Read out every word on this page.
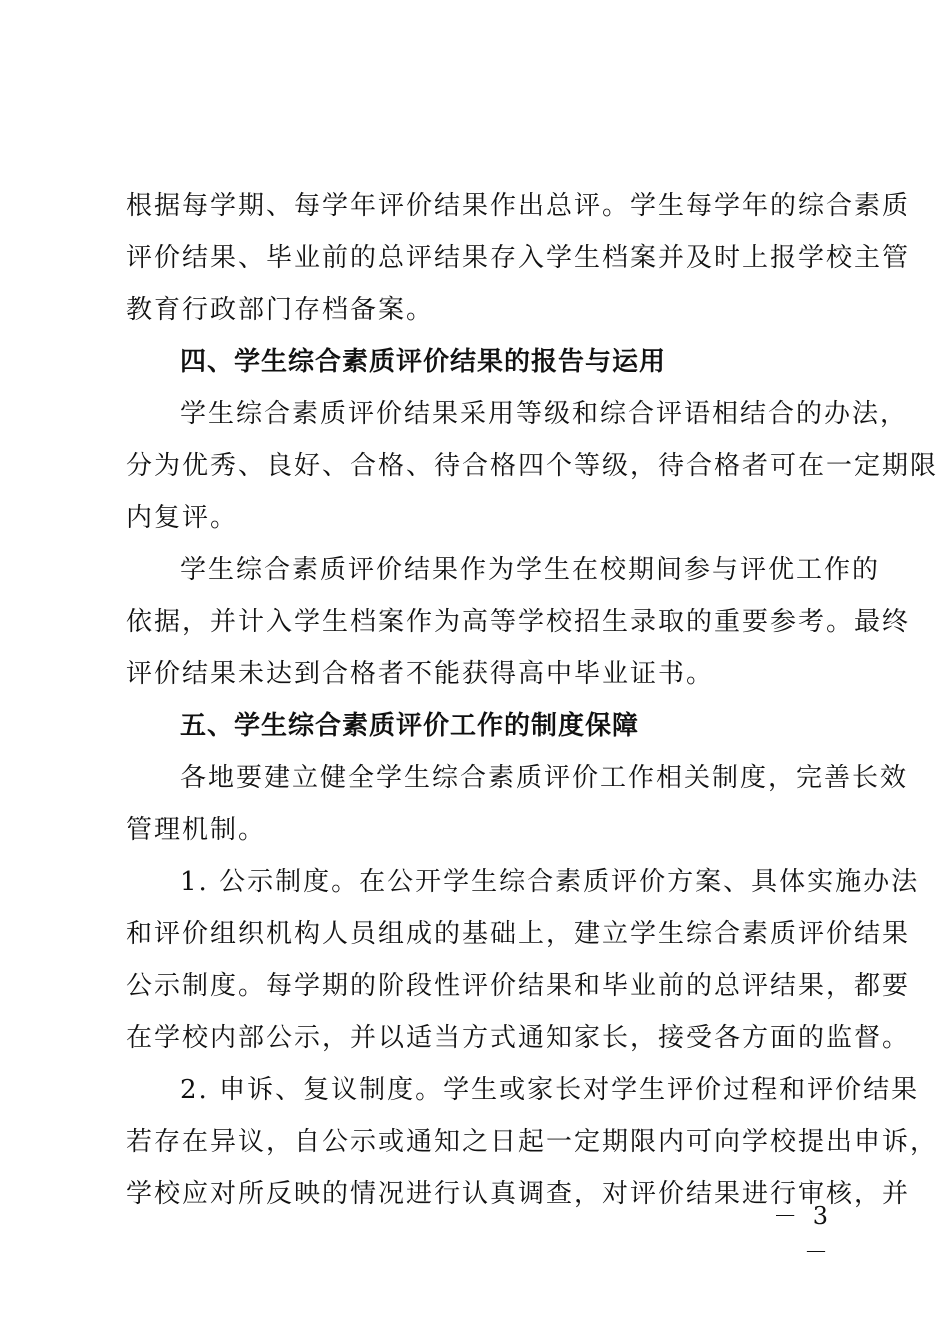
根据每学期、每学年评价结果作出总评。学生每学年的综合素质
评价结果、毕业前的总评结果存入学生档案并及时上报学校主管
教育行政部门存档备案。
四、学生综合素质评价结果的报告与运用
学生综合素质评价结果采用等级和综合评语相结合的办法，
分为优秀、良好、合格、待合格四个等级，待合格者可在一定期限
内复评。
学生综合素质评价结果作为学生在校期间参与评优工作的
依据，并计入学生档案作为高等学校招生录取的重要参考。最终
评价结果未达到合格者不能获得高中毕业证书。
五、学生综合素质评价工作的制度保障
各地要建立健全学生综合素质评价工作相关制度，完善长效
管理机制。
1. 公示制度。在公开学生综合素质评价方案、具体实施办法
和评价组织机构人员组成的基础上，建立学生综合素质评价结果
公示制度。每学期的阶段性评价结果和毕业前的总评结果，都要
在学校内部公示，并以适当方式通知家长，接受各方面的监督。
2. 申诉、复议制度。学生或家长对学生评价过程和评价结果
若存在异议，自公示或通知之日起一定期限内可向学校提出申诉，
学校应对所反映的情况进行认真调查，对评价结果进行审核，并
－ 3 －
